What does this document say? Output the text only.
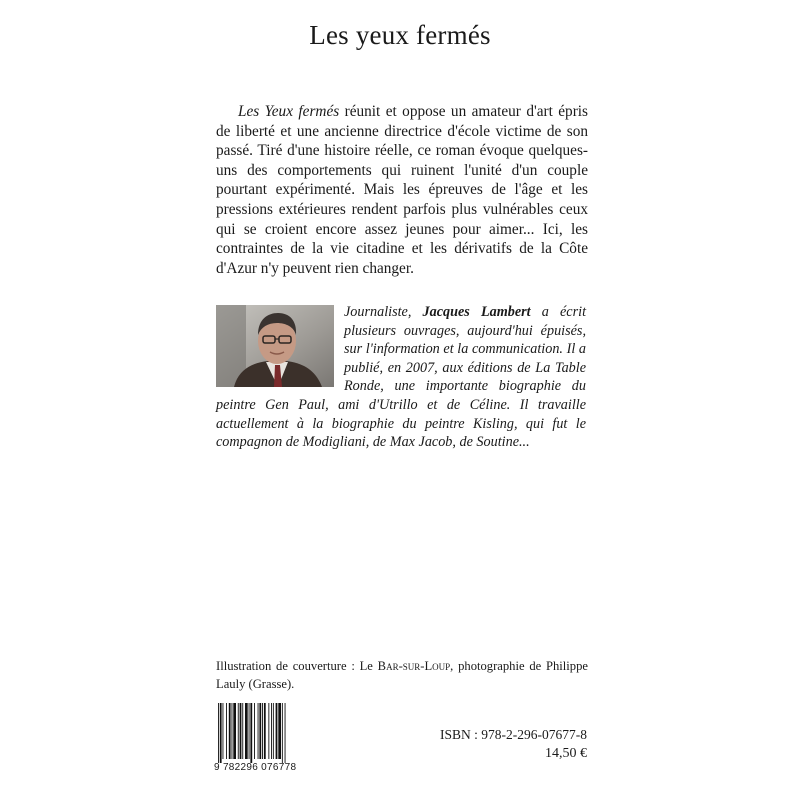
Les yeux fermés

Les Yeux fermés réunit et oppose un amateur d'art épris de liberté et une ancienne directrice d'école victime de son passé. Tiré d'une histoire réelle, ce roman évoque quelques-uns des comportements qui ruinent l'unité d'un couple pourtant expérimenté. Mais les épreuves de l'âge et les pressions extérieures rendent parfois plus vulnérables ceux qui se croient encore assez jeunes pour aimer... Ici, les contraintes de la vie citadine et les dérivatifs de la Côte d'Azur n'y peuvent rien changer.

Journaliste, Jacques Lambert a écrit plusieurs ouvrages, aujourd'hui épuisés, sur l'information et la communication. Il a publié, en 2007, aux éditions de La Table Ronde, une importante biographie du peintre Gen Paul, ami d'Utrillo et de Céline. Il travaille actuellement à la biographie du peintre Kisling, qui fut le compagnon de Modigliani, de Max Jacob, de Soutine...

Illustration de couverture : Le Bar-sur-Loup, photographie de Philippe Lauly (Grasse).

9 782296 076778
ISBN : 978-2-296-07677-8
14,50 €
